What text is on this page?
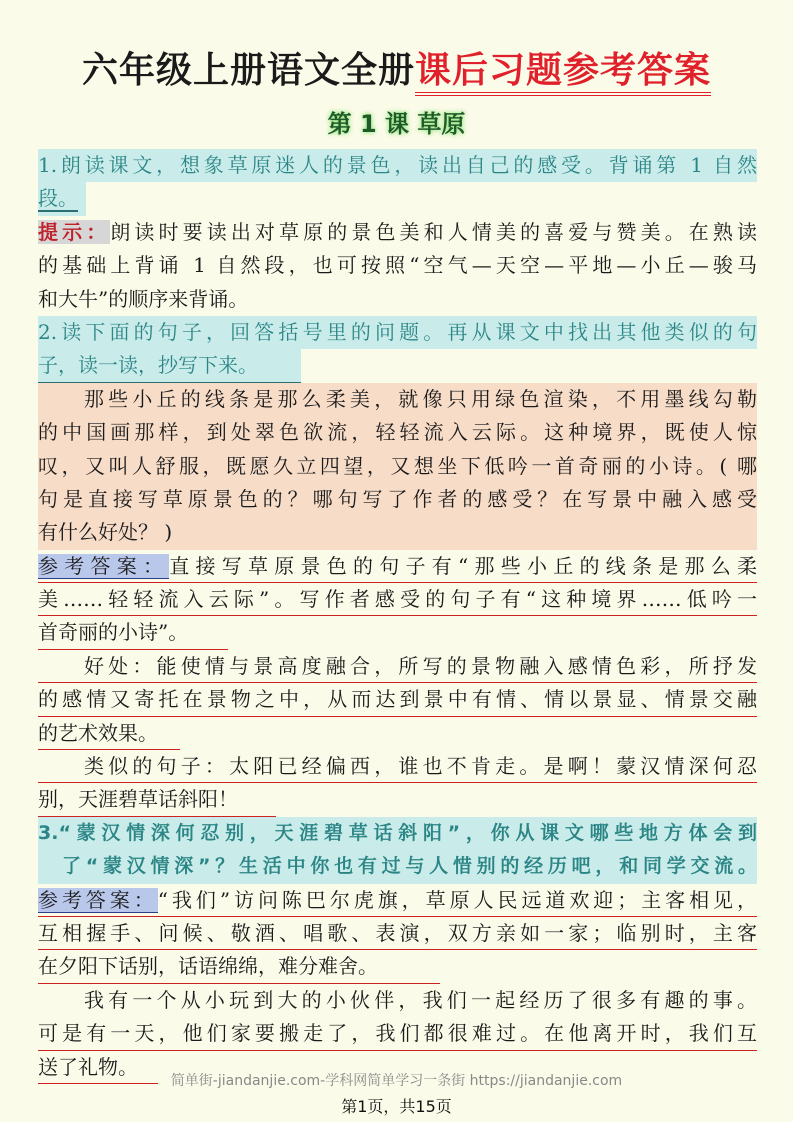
六年级上册语文全册课后习题参考答案
第 1 课 草原
1.朗读课文，想象草原迷人的景色，读出自己的感受。背诵第 1 自然
段。
提示：朗读时要读出对草原的景色美和人情美的喜爱与赞美。在熟读
的基础上背诵 1 自然段，也可按照“空气—天空—平地—小丘—骏马
和大牛”的顺序来背诵。
2.读下面的句子，回答括号里的问题。再从课文中找出其他类似的句
子，读一读，抄写下来。
那些小丘的线条是那么柔美，就像只用绿色渲染，不用墨线勾勒
的中国画那样，到处翠色欲流，轻轻流入云际。这种境界，既使人惊
叹，又叫人舒服，既愿久立四望，又想坐下低吟一首奇丽的小诗。( 哪
句是直接写草原景色的？哪句写了作者的感受？在写景中融入感受
有什么好处？ )
参考答案：直接写草原景色的句子有“那些小丘的线条是那么柔
美……轻轻流入云际”。写作者感受的句子有“这种境界……低吟一
首奇丽的小诗”。
好处：能使情与景高度融合，所写的景物融入感情色彩，所抒发
的感情又寄托在景物之中，从而达到景中有情、情以景显、情景交融
的艺术效果。
类似的句子：太阳已经偏西，谁也不肯走。是啊！蒙汉情深何忍
别，天涯碧草话斜阳！
3.“蒙汉情深何忍别，天涯碧草话斜阳”，你从课文哪些地方体会到
了“蒙汉情深”？生活中你也有过与人惜别的经历吧，和同学交流。
参考答案：“我们”访问陈巴尔虎旗，草原人民远道欢迎；主客相见，
互相握手、问候、敬酒、唱歌、表演，双方亲如一家；临别时，主客
在夕阳下话别，话语绵绵，难分难舍。
我有一个从小玩到大的小伙伴，我们一起经历了很多有趣的事。
可是有一天，他们家要搬走了，我们都很难过。在他离开时，我们互
送了礼物。
简单街-jiandanjie.com-学科网简单学习一条街 https://jiandanjie.com
第1页，共15页
